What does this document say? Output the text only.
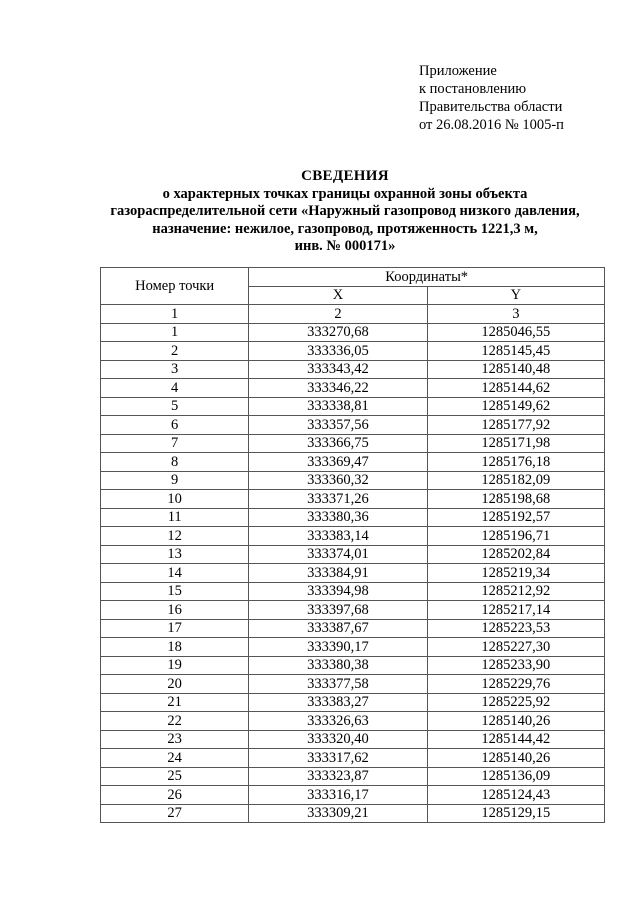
Приложение
к постановлению
Правительства области
от 26.08.2016 № 1005-п
СВЕДЕНИЯ
о характерных точках границы охранной зоны объекта
газораспределительной сети «Наружный газопровод низкого давления,
назначение: нежилое, газопровод, протяженность 1221,3 м,
инв. № 000171»
Номер точки	Координаты*	
	X	Y
1	2	3
1	333270,68	1285046,55
2	333336,05	1285145,45
3	333343,42	1285140,48
4	333346,22	1285144,62
5	333338,81	1285149,62
6	333357,56	1285177,92
7	333366,75	1285171,98
8	333369,47	1285176,18
9	333360,32	1285182,09
10	333371,26	1285198,68
11	333380,36	1285192,57
12	333383,14	1285196,71
13	333374,01	1285202,84
14	333384,91	1285219,34
15	333394,98	1285212,92
16	333397,68	1285217,14
17	333387,67	1285223,53
18	333390,17	1285227,30
19	333380,38	1285233,90
20	333377,58	1285229,76
21	333383,27	1285225,92
22	333326,63	1285140,26
23	333320,40	1285144,42
24	333317,62	1285140,26
25	333323,87	1285136,09
26	333316,17	1285124,43
27	333309,21	1285129,15
